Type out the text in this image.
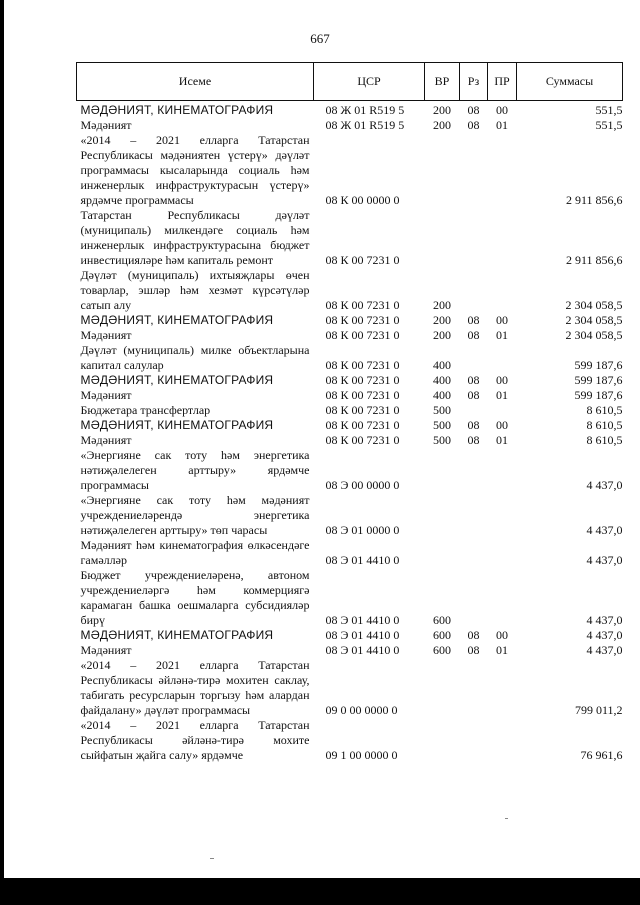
667
Исеме	ЦСР	ВР	Рз	ПР	Суммасы
МӘДӘНИЯТ, КИНЕМАТОГРАФИЯ	08 Ж 01 R519 5	200	08	00	551,5
Мәдәният	08 Ж 01 R519 5	200	08	01	551,5
«2014 – 2021 елларга Татарстан Республикасы мәдәниятен үстерү» дәүләт программасы кысаларында социаль һәм инженерлык инфраструктурасын үстерү» ярдәмче программасы	08 К 00 0000 0				2 911 856,6
Татарстан Республикасы дәүләт (муниципаль) милкендәге социаль һәм инженерлык инфраструктурасына бюджет инвестицияләре һәм капиталь ремонт	08 К 00 7231 0				2 911 856,6
Дәүләт (муниципаль) ихтыяҗлары өчен товарлар, эшләр һәм хезмәт күрсәтүләр сатып алу	08 К 00 7231 0	200			2 304 058,5
МӘДӘНИЯТ, КИНЕМАТОГРАФИЯ	08 К 00 7231 0	200	08	00	2 304 058,5
Мәдәният	08 К 00 7231 0	200	08	01	2 304 058,5
Дәүләт (муниципаль) милке объектларына капитал салулар	08 К 00 7231 0	400			599 187,6
МӘДӘНИЯТ, КИНЕМАТОГРАФИЯ	08 К 00 7231 0	400	08	00	599 187,6
Мәдәният	08 К 00 7231 0	400	08	01	599 187,6
Бюджетара трансфертлар	08 К 00 7231 0	500			8 610,5
МӘДӘНИЯТ, КИНЕМАТОГРАФИЯ	08 К 00 7231 0	500	08	00	8 610,5
Мәдәният	08 К 00 7231 0	500	08	01	8 610,5
«Энергияне сак тоту һәм энергетика нәтиҗәлелеген арттыру» ярдәмче программасы	08 Э 00 0000 0				4 437,0
«Энергияне сак тоту һәм мәдәният учреждениеләрендә энергетика нәтиҗәлелеген арттыру» төп чарасы	08 Э 01 0000 0				4 437,0
Мәдәният һәм кинематография өлкәсендәге гамәлләр	08 Э 01 4410 0				4 437,0
Бюджет учреждениеләренә, автоном учреждениеләргә һәм коммерциягә карамаган башка оешмаларга субсидияләр бирү	08 Э 01 4410 0	600			4 437,0
МӘДӘНИЯТ, КИНЕМАТОГРАФИЯ	08 Э 01 4410 0	600	08	00	4 437,0
Мәдәният	08 Э 01 4410 0	600	08	01	4 437,0
«2014 – 2021 елларга Татарстан Республикасы әйләнә-тирә мохитен саклау, табигать ресурсларын торгызу һәм алардан файдалану» дәүләт программасы	09 0 00 0000 0				799 011,2
«2014 – 2021 елларга Татарстан Республикасы әйләнә-тирә мохите сыйфатын җайга салу» ярдәмче	09 1 00 0000 0				76 961,6
